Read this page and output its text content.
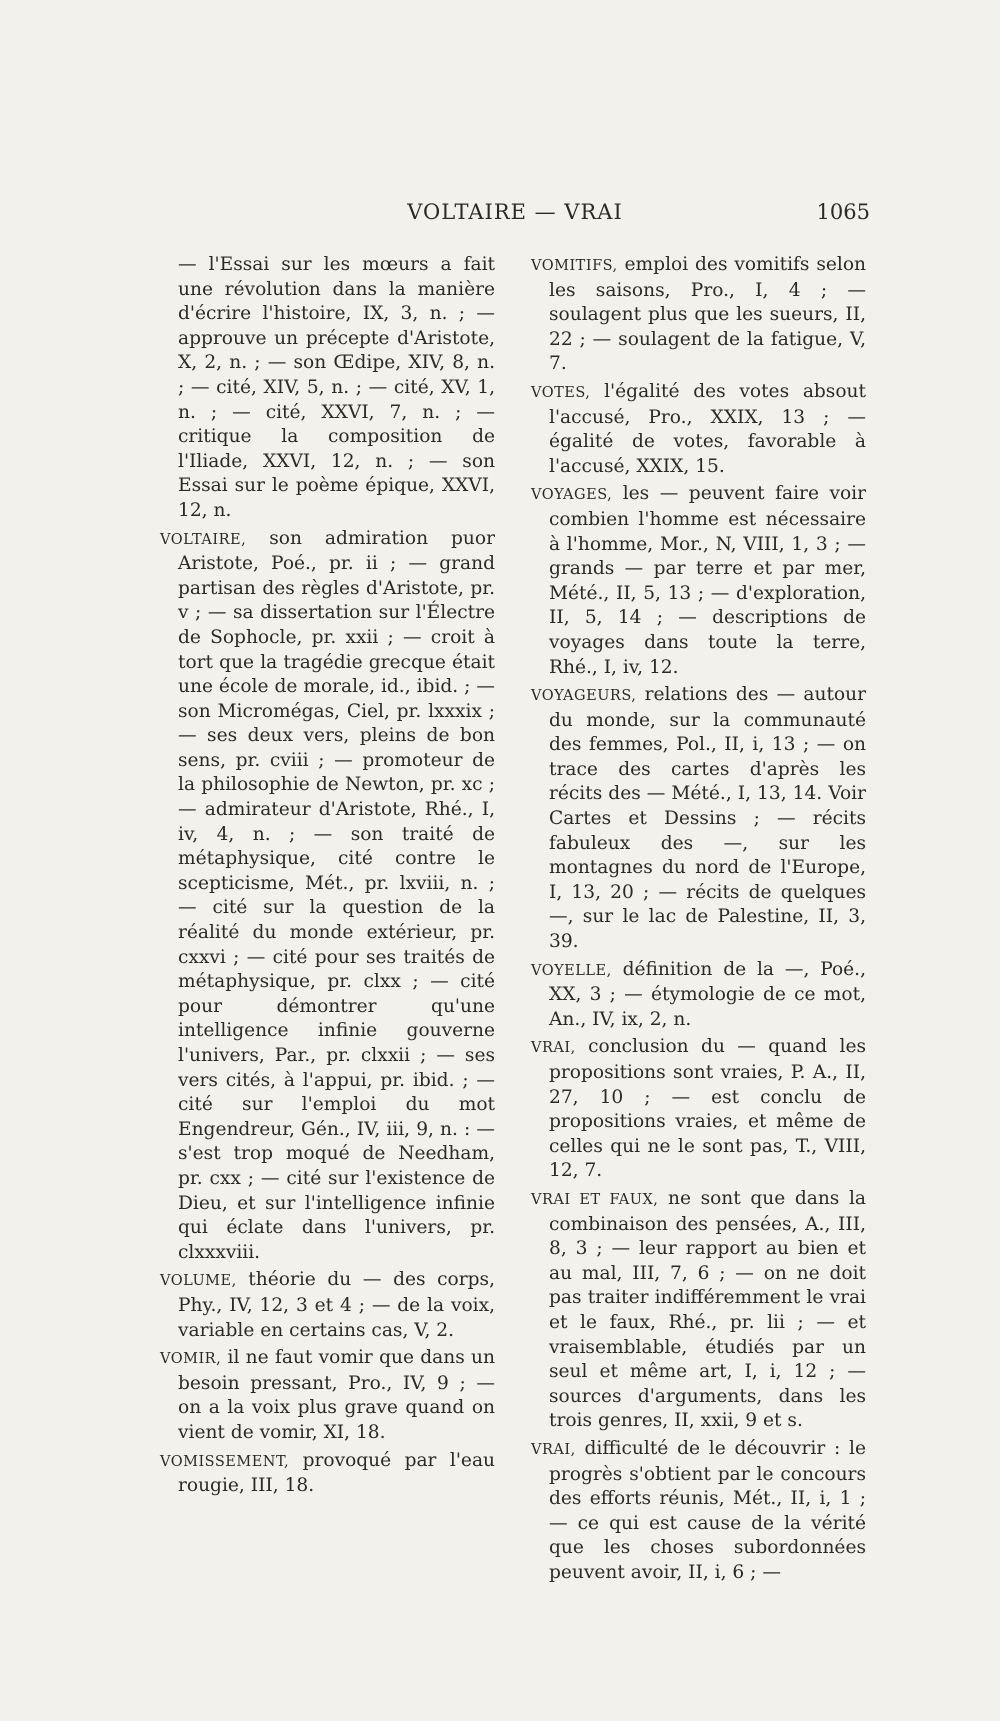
VOLTAIRE — VRAI	1065

— l'Essai sur les mœurs a fait une révolution dans la manière d'écrire l'histoire, IX, 3, n. ; — approuve un précepte d'Aristote, X, 2, n. ; — son Œdipe, XIV, 8, n. ; — cité, XIV, 5, n. ; — cité, XV, 1, n. ; — cité, XXVI, 7, n. ; — critique la composition de l'Iliade, XXVI, 12, n. ; — son Essai sur le poème épique, XXVI, 12, n.

VOLTAIRE, son admiration puor Aristote, Poé., pr. ii ; — grand partisan des règles d'Aristote, pr. v ; — sa dissertation sur l'Électre de Sophocle, pr. xxii ; — croit à tort que la tragédie grecque était une école de morale, id., ibid. ; — son Micromégas, Ciel, pr. lxxxix ; — ses deux vers, pleins de bon sens, pr. cviii ; — promoteur de la philosophie de Newton, pr. xc ; — admirateur d'Aristote, Rhé., I, iv, 4, n. ; — son traité de métaphysique, cité contre le scepticisme, Mét., pr. lxviii, n. ; — cité sur la question de la réalité du monde extérieur, pr. cxxvi ; — cité pour ses traités de métaphysique, pr. clxx ; — cité pour démontrer qu'une intelligence infinie gouverne l'univers, Par., pr. clxxii ; — ses vers cités, à l'appui, pr. ibid. ; — cité sur l'emploi du mot Engendreur, Gén., IV, iii, 9, n. : — s'est trop moqué de Needham, pr. cxx ; — cité sur l'existence de Dieu, et sur l'intelligence infinie qui éclate dans l'univers, pr. clxxxviii.

VOLUME, théorie du — des corps, Phy., IV, 12, 3 et 4 ; — de la voix, variable en certains cas, V, 2.

VOMIR, il ne faut vomir que dans un besoin pressant, Pro., IV, 9 ; — on a la voix plus grave quand on vient de vomir, XI, 18.

VOMISSEMENT, provoqué par l'eau rougie, III, 18.

VOMITIFS, emploi des vomitifs selon les saisons, Pro., I, 4 ; — soulagent plus que les sueurs, II, 22 ; — soulagent de la fatigue, V, 7.

VOTES, l'égalité des votes absout l'accusé, Pro., XXIX, 13 ; — égalité de votes, favorable à l'accusé, XXIX, 15.

VOYAGES, les — peuvent faire voir combien l'homme est nécessaire à l'homme, Mor., N, VIII, 1, 3 ; — grands — par terre et par mer, Mété., II, 5, 13 ; — d'exploration, II, 5, 14 ; — descriptions de voyages dans toute la terre, Rhé., I, iv, 12.

VOYAGEURS, relations des — autour du monde, sur la communauté des femmes, Pol., II, i, 13 ; — on trace des cartes d'après les récits des — Mété., I, 13, 14. Voir Cartes et Dessins ; — récits fabuleux des —, sur les montagnes du nord de l'Europe, I, 13, 20 ; — récits de quelques —, sur le lac de Palestine, II, 3, 39.

VOYELLE, définition de la —, Poé., XX, 3 ; — étymologie de ce mot, An., IV, ix, 2, n.

VRAI, conclusion du — quand les propositions sont vraies, P. A., II, 27, 10 ; — est conclu de propositions vraies, et même de celles qui ne le sont pas, T., VIII, 12, 7.

VRAI ET FAUX, ne sont que dans la combinaison des pensées, A., III, 8, 3 ; — leur rapport au bien et au mal, III, 7, 6 ; — on ne doit pas traiter indifféremment le vrai et le faux, Rhé., pr. lii ; — et vraisemblable, étudiés par un seul et même art, I, i, 12 ; — sources d'arguments, dans les trois genres, II, xxii, 9 et s.

VRAI, difficulté de le découvrir : le progrès s'obtient par le concours des efforts réunis, Mét., II, i, 1 ; — ce qui est cause de la vérité que les choses subordonnées peuvent avoir, II, i, 6 ; —
